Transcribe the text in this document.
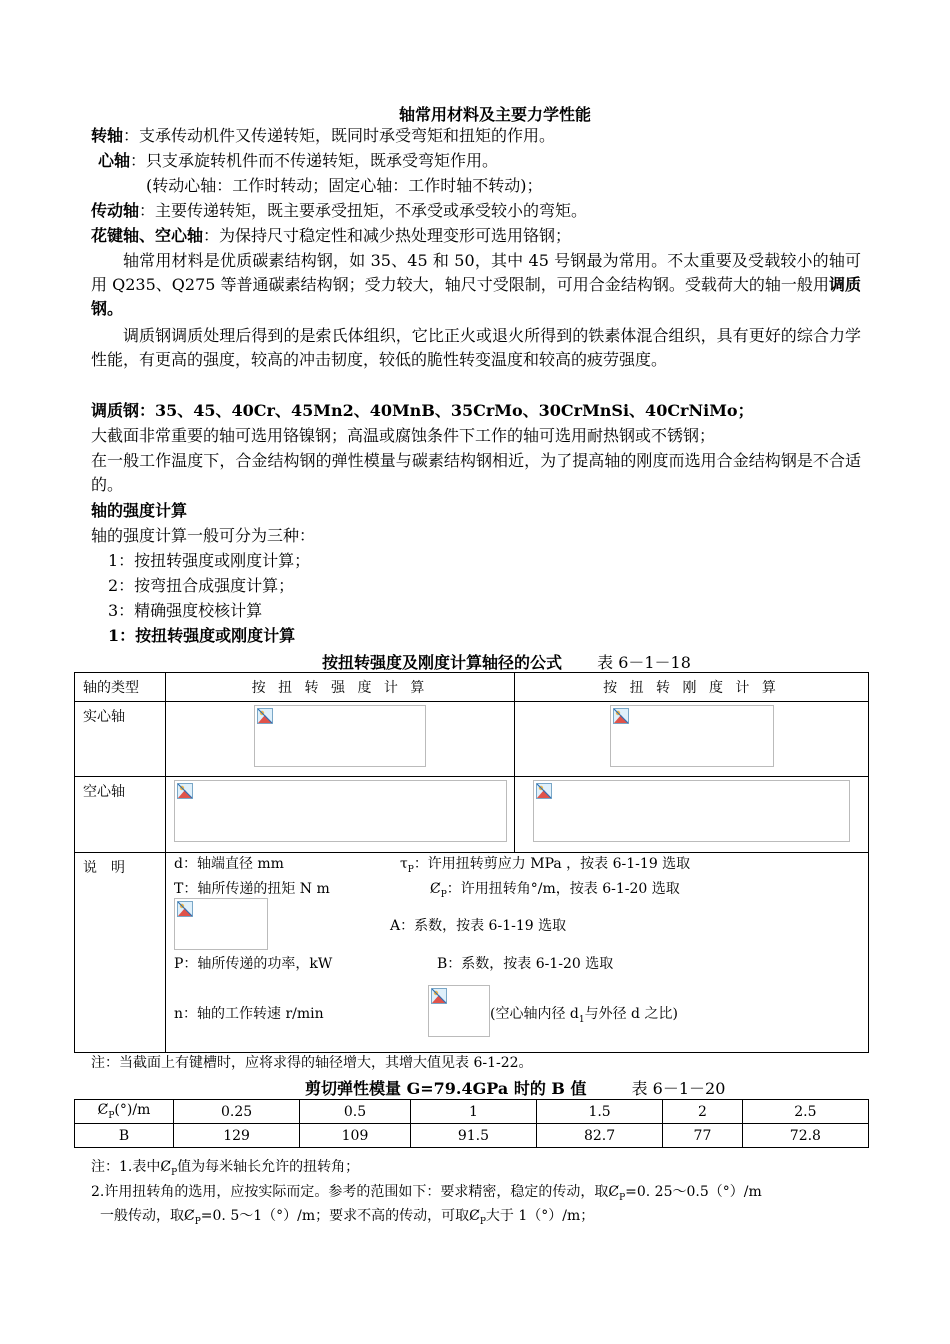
轴常用材料及主要力学性能
转轴：支承传动机件又传递转矩，既同时承受弯矩和扭矩的作用。
心轴：只支承旋转机件而不传递转矩，既承受弯矩作用。
(转动心轴：工作时转动；固定心轴：工作时轴不转动)；
传动轴：主要传递转矩，既主要承受扭矩，不承受或承受较小的弯矩。
花键轴、空心轴：为保持尺寸稳定性和减少热处理变形可选用铬钢；
轴常用材料是优质碳素结构钢，如 35、45 和 50，其中 45 号钢最为常用。不太重要及受载较小的轴可用 Q235、Q275 等普通碳素结构钢；受力较大，轴尺寸受限制，可用合金结构钢。受载荷大的轴一般用调质钢。
调质钢调质处理后得到的是索氏体组织，它比正火或退火所得到的铁素体混合组织，具有更好的综合力学性能，有更高的强度，较高的冲击韧度，较低的脆性转变温度和较高的疲劳强度。
调质钢：35、45、40Cr、45Mn2、40MnB、35CrMo、30CrMnSi、40CrNiMo；
大截面非常重要的轴可选用铬镍钢；高温或腐蚀条件下工作的轴可选用耐热钢或不锈钢；
在一般工作温度下，合金结构钢的弹性模量与碳素结构钢相近，为了提高轴的刚度而选用合金结构钢是不合适的。
轴的强度计算
轴的强度计算一般可分为三种：
1：按扭转强度或刚度计算；
2：按弯扭合成强度计算；
3：精确强度校核计算
1：按扭转强度或刚度计算
按扭转强度及刚度计算轴径的公式 表 6－1－18
轴的类型	按 扭 转 强 度 计 算	按 扭 转 刚 度 计 算
实心轴		
空心轴		
说　明			d：轴端直径 mm	$\tau_P$：许用扭转剪应力 MPa ，按表 6-1-19 选取
T：轴所传递的扭矩 N m	$Ȼ_P$：许用扭转角°/m，按表 6-1-20 选取
A：系数，按表 6-1-19 选取
P：轴所传递的功率，kW	B：系数，按表 6-1-20 选取
n：轴的工作转速 r/min	(空心轴内径 $d_1$与外径 d 之比)
注：当截面上有键槽时，应将求得的轴径增大，其增大值见表 6-1-22。
剪切弹性模量 G=79.4GPa 时的 B 值	表 6－1－20
$Ȼ_P(^\circ)/m$	0.25	0.5	1	1.5	2	2.5
B	129	109	91.5	82.7	77	72.8
注：1.表中$Ȼ_P$值为每米轴长允许的扭转角；
2.许用扭转角的选用，应按实际而定。参考的范围如下：要求精密，稳定的传动，取$Ȼ_P=0$. 25～0.5（°）/m
一般传动，取$Ȼ_P=0$. 5～1（°）/m；要求不高的传动，可取$Ȼ_P$大于 1（°）/m；
